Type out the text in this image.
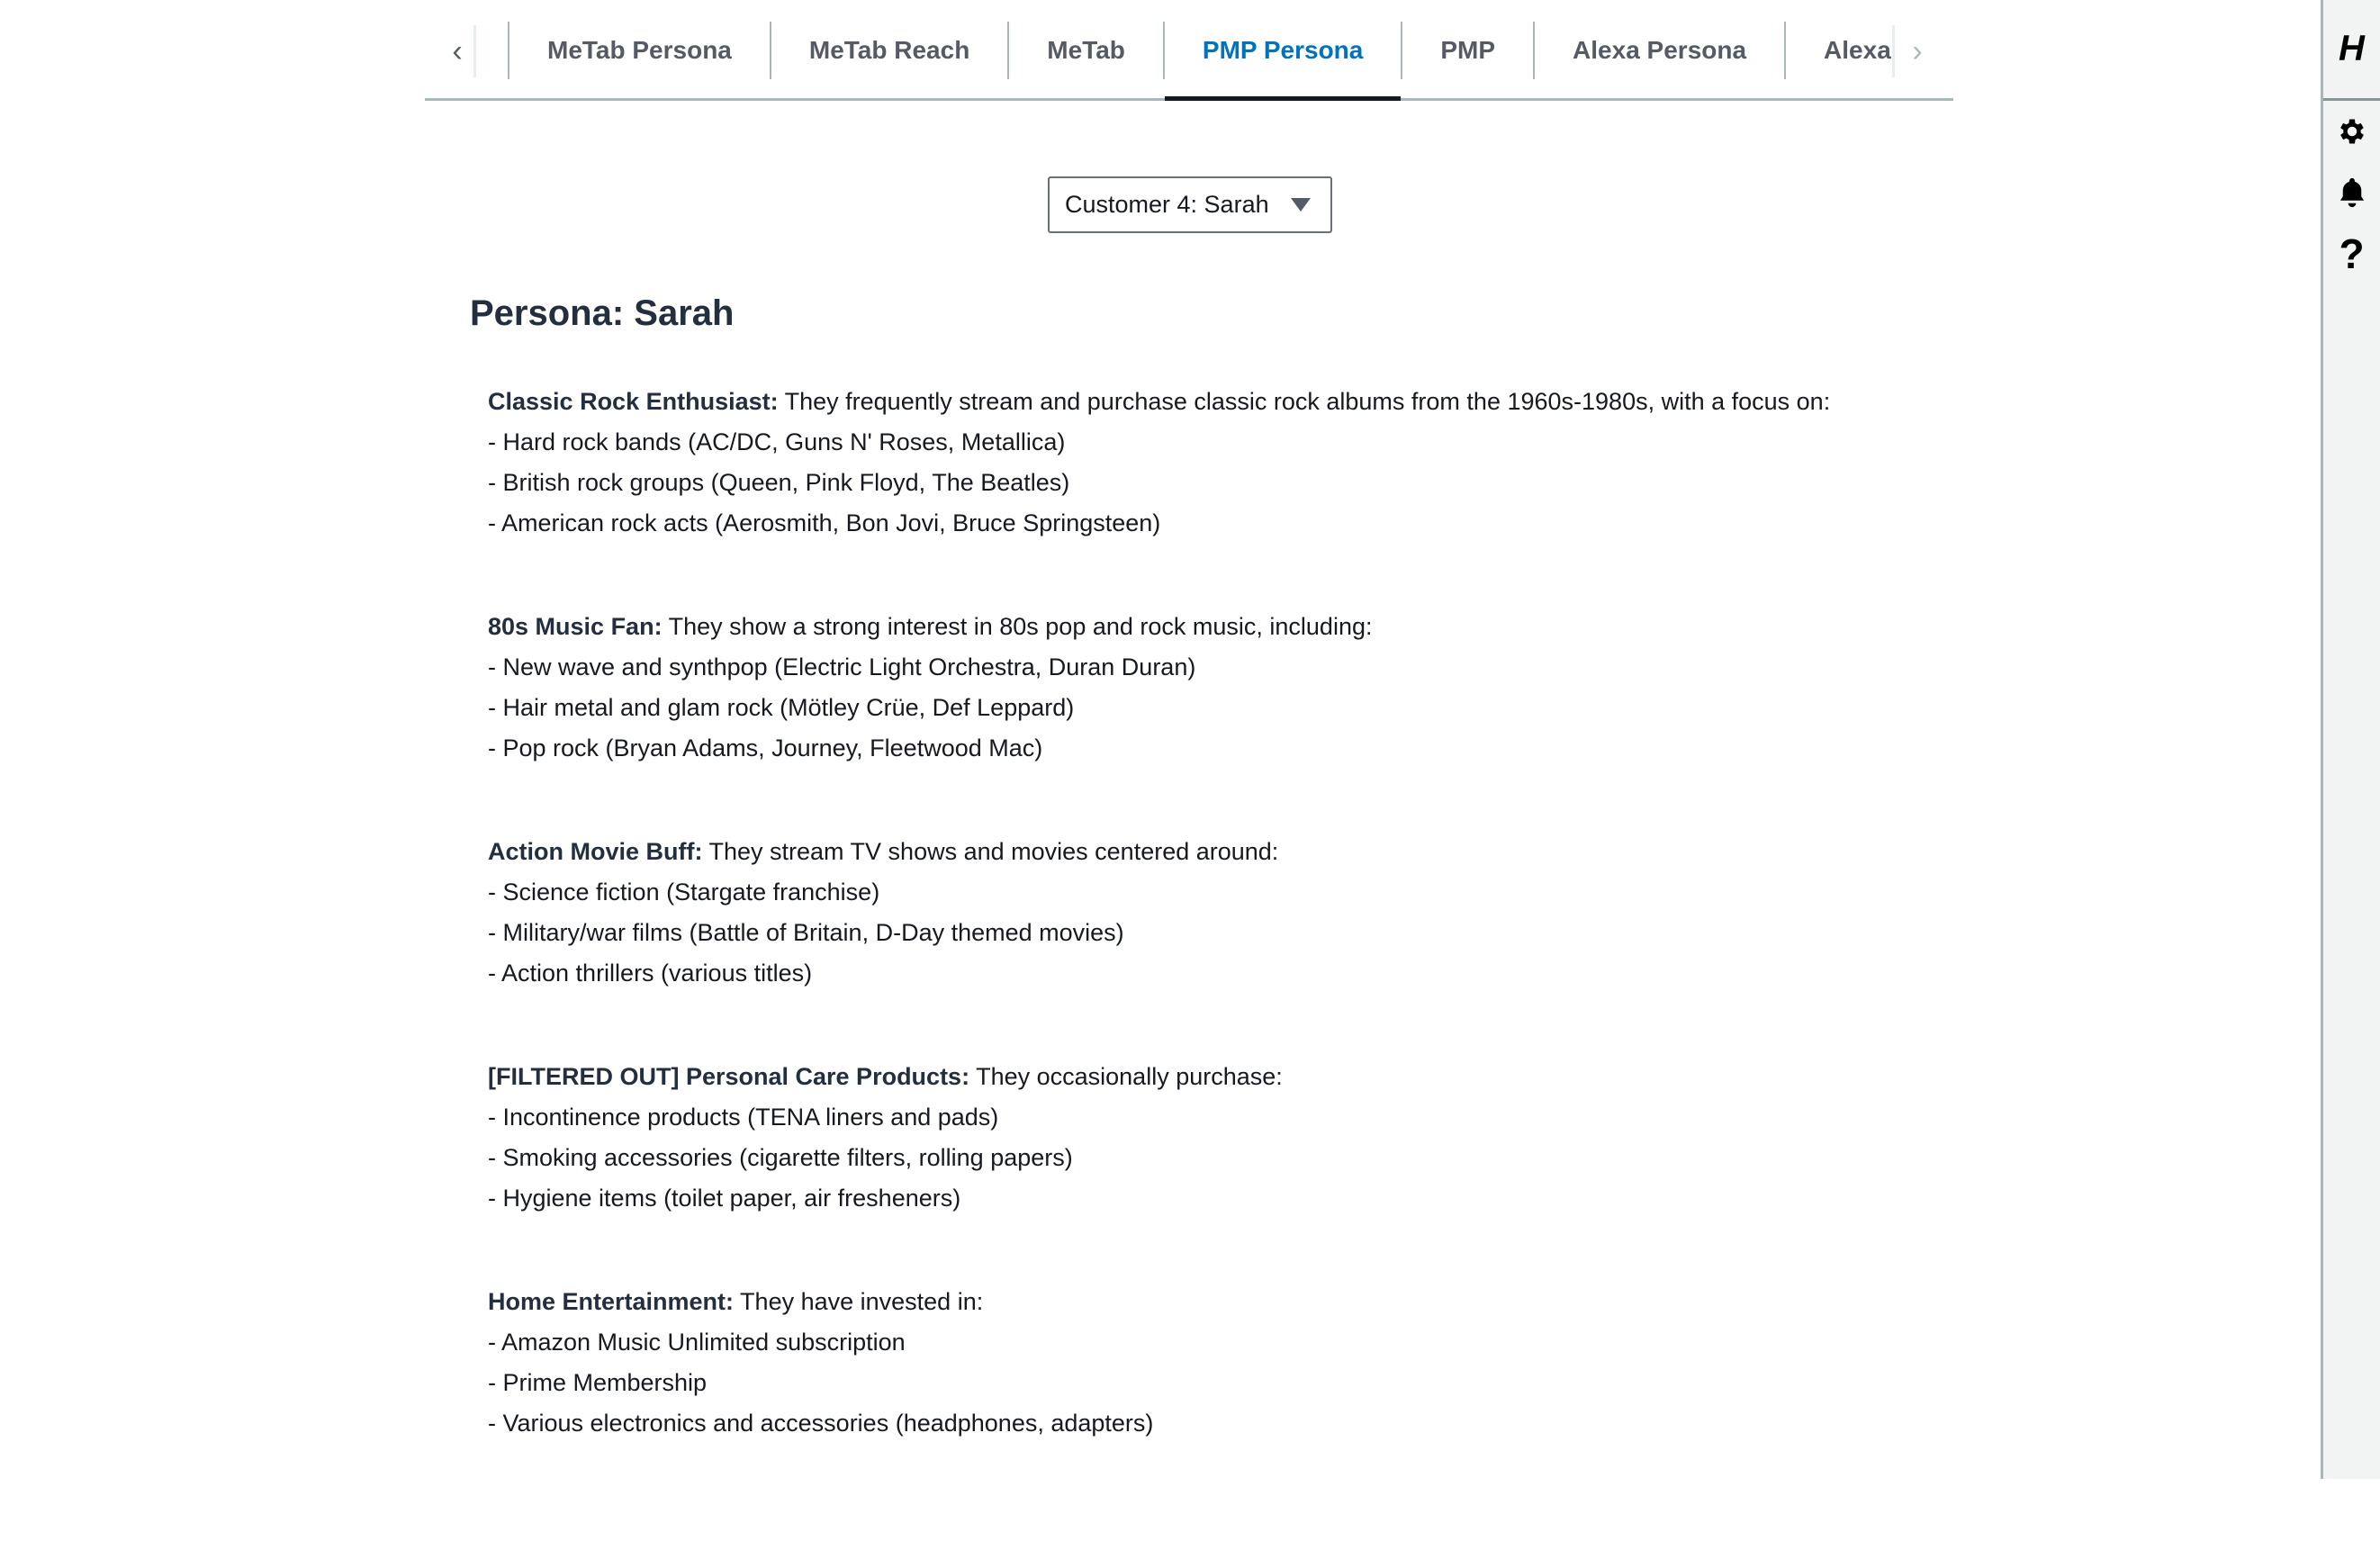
‹	MeTab Persona	MeTab Reach	MeTab	PMP Persona	PMP	Alexa Persona	Alexa ›
Customer 4: Sarah
Persona: Sarah
Classic Rock Enthusiast: They frequently stream and purchase classic rock albums from the 1960s-1980s, with a focus on:
- Hard rock bands (AC/DC, Guns N' Roses, Metallica)
- British rock groups (Queen, Pink Floyd, The Beatles)
- American rock acts (Aerosmith, Bon Jovi, Bruce Springsteen)
80s Music Fan: They show a strong interest in 80s pop and rock music, including:
- New wave and synthpop (Electric Light Orchestra, Duran Duran)
- Hair metal and glam rock (Mötley Crüe, Def Leppard)
- Pop rock (Bryan Adams, Journey, Fleetwood Mac)
Action Movie Buff: They stream TV shows and movies centered around:
- Science fiction (Stargate franchise)
- Military/war films (Battle of Britain, D-Day themed movies)
- Action thrillers (various titles)
[FILTERED OUT] Personal Care Products: They occasionally purchase:
- Incontinence products (TENA liners and pads)
- Smoking accessories (cigarette filters, rolling papers)
- Hygiene items (toilet paper, air fresheners)
Home Entertainment: They have invested in:
- Amazon Music Unlimited subscription
- Prime Membership
- Various electronics and accessories (headphones, adapters)
H
?
